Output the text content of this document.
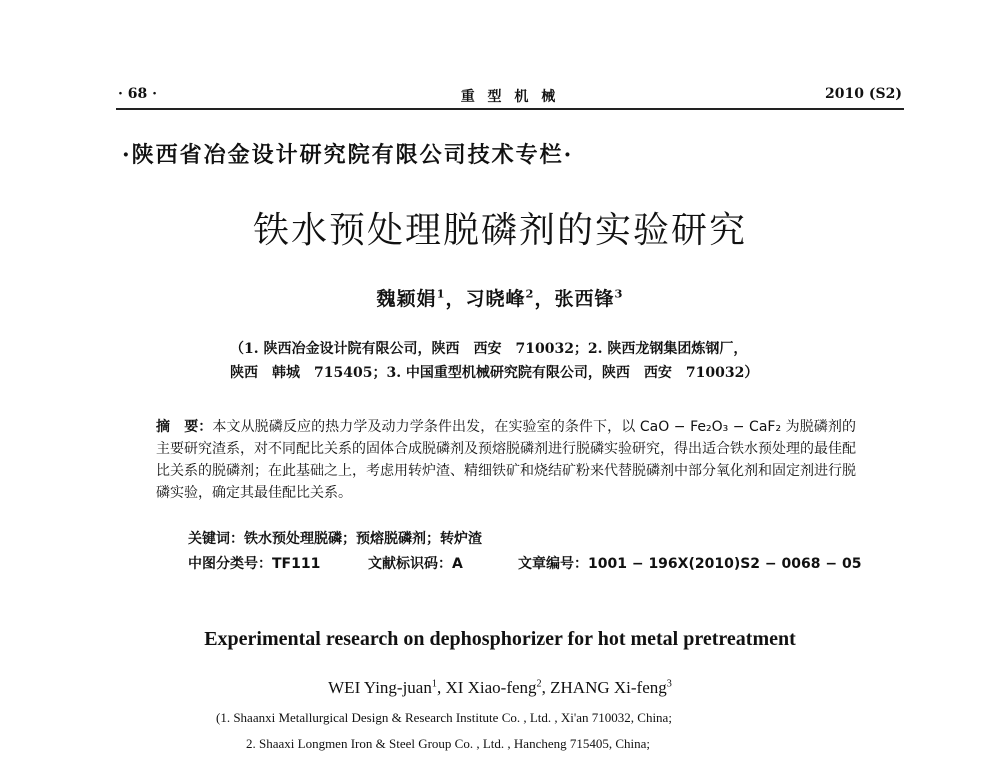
· 68 ·	重 型 机 械	2010 (S2)
·陕西省冶金设计研究院有限公司技术专栏·
铁水预处理脱磷剂的实验研究
魏颖娟$^1$，习晓峰$^2$，张西锋$^3$
（1. 陕西冶金设计院有限公司，陕西　西安　710032；2. 陕西龙钢集团炼钢厂，
陕西　韩城　715405；3. 中国重型机械研究院有限公司，陕西　西安　710032）
摘　要：本文从脱磷反应的热力学及动力学条件出发，在实验室的条件下，以 CaO − Fe₂O₃ − CaF₂ 为脱磷剂的主要研究渣系，对不同配比关系的固体合成脱磷剂及预熔脱磷剂进行脱磷实验研究，得出适合铁水预处理的最佳配比关系的脱磷剂；在此基础之上，考虑用转炉渣、精细铁矿和烧结矿粉来代替脱磷剂中部分氧化剂和固定剂进行脱磷实验，确定其最佳配比关系。
关键词：铁水预处理脱磷；预熔脱磷剂；转炉渣
中图分类号：TF111	文献标识码：A	文章编号：1001 − 196X(2010)S2 − 0068 − 05
Experimental research on dephosphorizer for hot metal pretreatment
WEI Ying-juan$^1$, XI Xiao-feng$^2$, ZHANG Xi-feng$^3$
(1. Shaanxi Metallurgical Design & Research Institute Co. , Ltd. , Xi'an 710032, China;
2. Shaaxi Longmen Iron & Steel Group Co. , Ltd. , Hancheng 715405, China;
